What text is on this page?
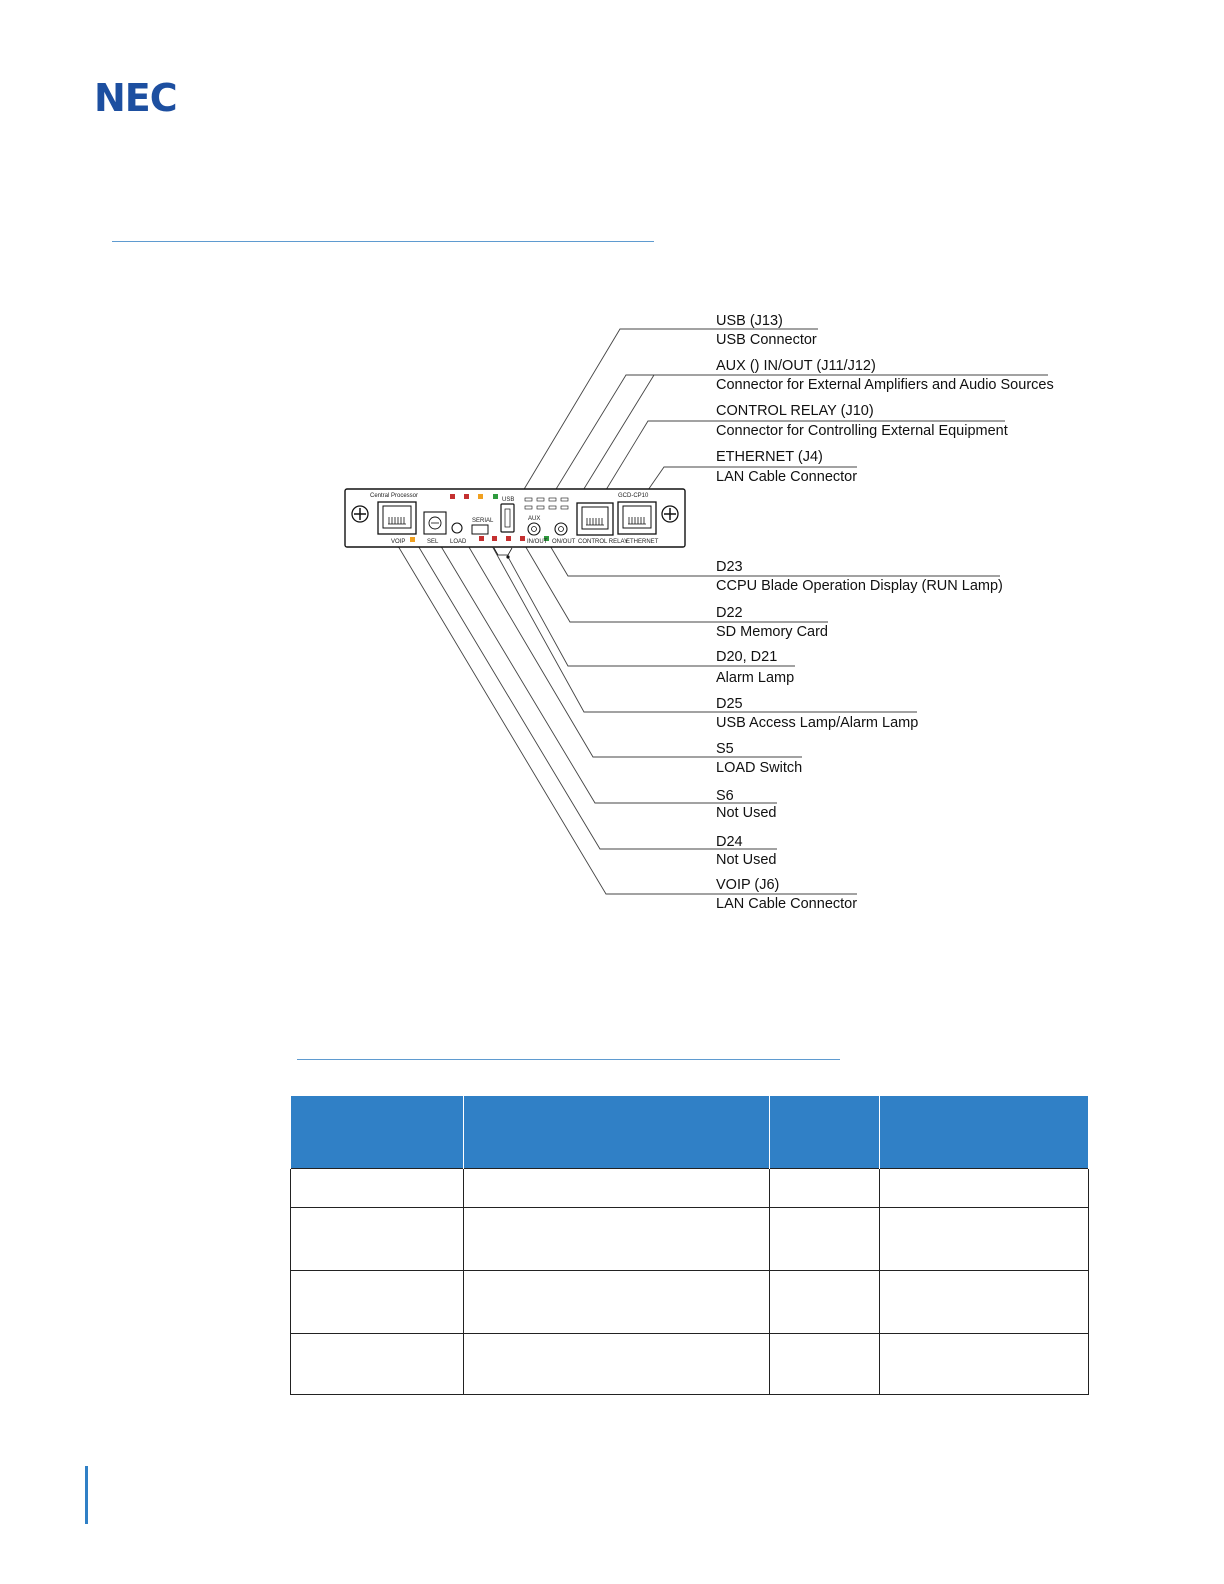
NEC
Central Processor	GCD-CP10
VOIP	SEL LOAD
SERIAL
USB
AUX
IN/OUT ON/OUT CONTROL RELAY
ETHERNET
USB (J13)
USB Connector
AUX () IN/OUT (J11/J12)
Connector for External Amplifiers and Audio Sources
CONTROL RELAY (J10)
Connector for Controlling External Equipment
ETHERNET (J4)
LAN Cable Connector
D23
CCPU Blade Operation Display (RUN Lamp)
D22
SD Memory Card
D20, D21
Alarm Lamp
D25
USB Access Lamp/Alarm Lamp
S5
LOAD Switch
S6
Not Used
D24
Not Used
VOIP (J6)
LAN Cable Connector
